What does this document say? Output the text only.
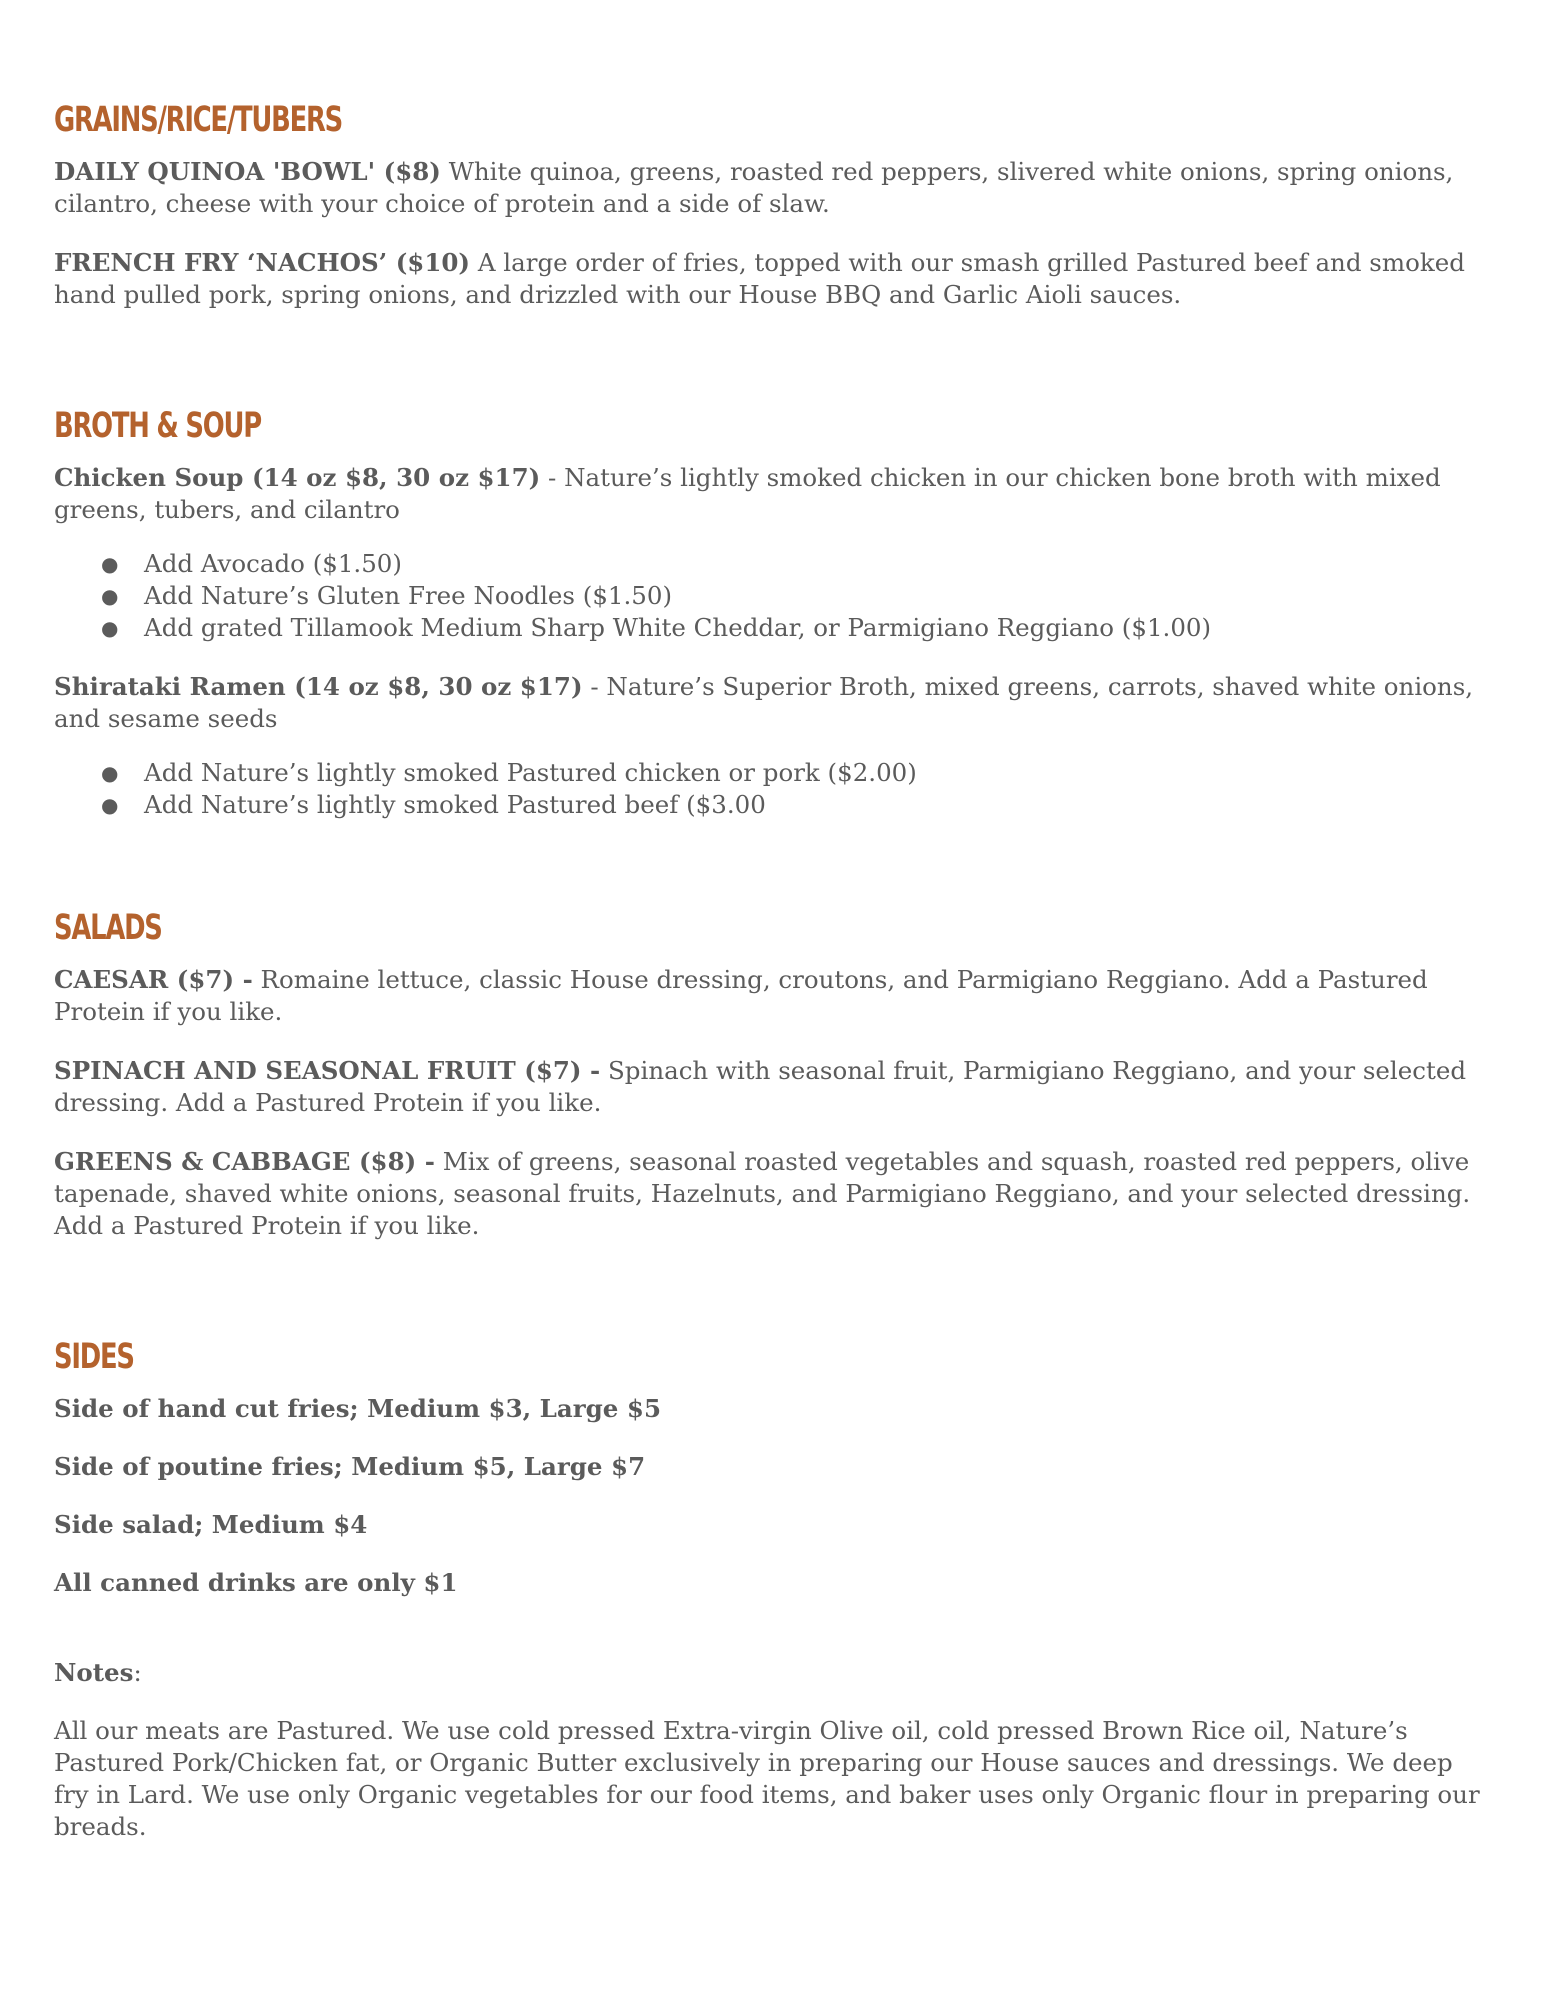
GRAINS/RICE/TUBERS

DAILY QUINOA 'BOWL' ($8) White quinoa, greens, roasted red peppers, slivered white onions, spring onions, cilantro, cheese with your choice of protein and a side of slaw.

FRENCH FRY ‘NACHOS’ ($10) A large order of fries, topped with our smash grilled Pastured beef and smoked hand pulled pork, spring onions, and drizzled with our House BBQ and Garlic Aioli sauces.

BROTH & SOUP

Chicken Soup (14 oz $8, 30 oz $17) - Nature’s lightly smoked chicken in our chicken bone broth with mixed greens, tubers, and cilantro

● Add Avocado ($1.50)
● Add Nature’s Gluten Free Noodles ($1.50)
● Add grated Tillamook Medium Sharp White Cheddar, or Parmigiano Reggiano ($1.00)

Shirataki Ramen (14 oz $8, 30 oz $17) - Nature’s Superior Broth, mixed greens, carrots, shaved white onions, and sesame seeds

● Add Nature’s lightly smoked Pastured chicken or pork ($2.00)
● Add Nature’s lightly smoked Pastured beef ($3.00
SALADS

CAESAR ($7) - Romaine lettuce, classic House dressing, croutons, and Parmigiano Reggiano. Add a Pastured Protein if you like.

SPINACH AND SEASONAL FRUIT ($7) - Spinach with seasonal fruit, Parmigiano Reggiano, and your selected dressing. Add a Pastured Protein if you like.

GREENS & CABBAGE ($8) - Mix of greens, seasonal roasted vegetables and squash, roasted red peppers, olive tapenade, shaved white onions, seasonal fruits, Hazelnuts, and Parmigiano Reggiano, and your selected dressing. Add a Pastured Protein if you like.

SIDES

Side of hand cut fries; Medium $3, Large $5

Side of poutine fries; Medium $5, Large $7

Side salad; Medium $4

All canned drinks are only $1

Notes:

All our meats are Pastured. We use cold pressed Extra-virgin Olive oil, cold pressed Brown Rice oil, Nature’s Pastured Pork/Chicken fat, or Organic Butter exclusively in preparing our House sauces and dressings. We deep fry in Lard. We use only Organic vegetables for our food items, and baker uses only Organic flour in preparing our breads.
